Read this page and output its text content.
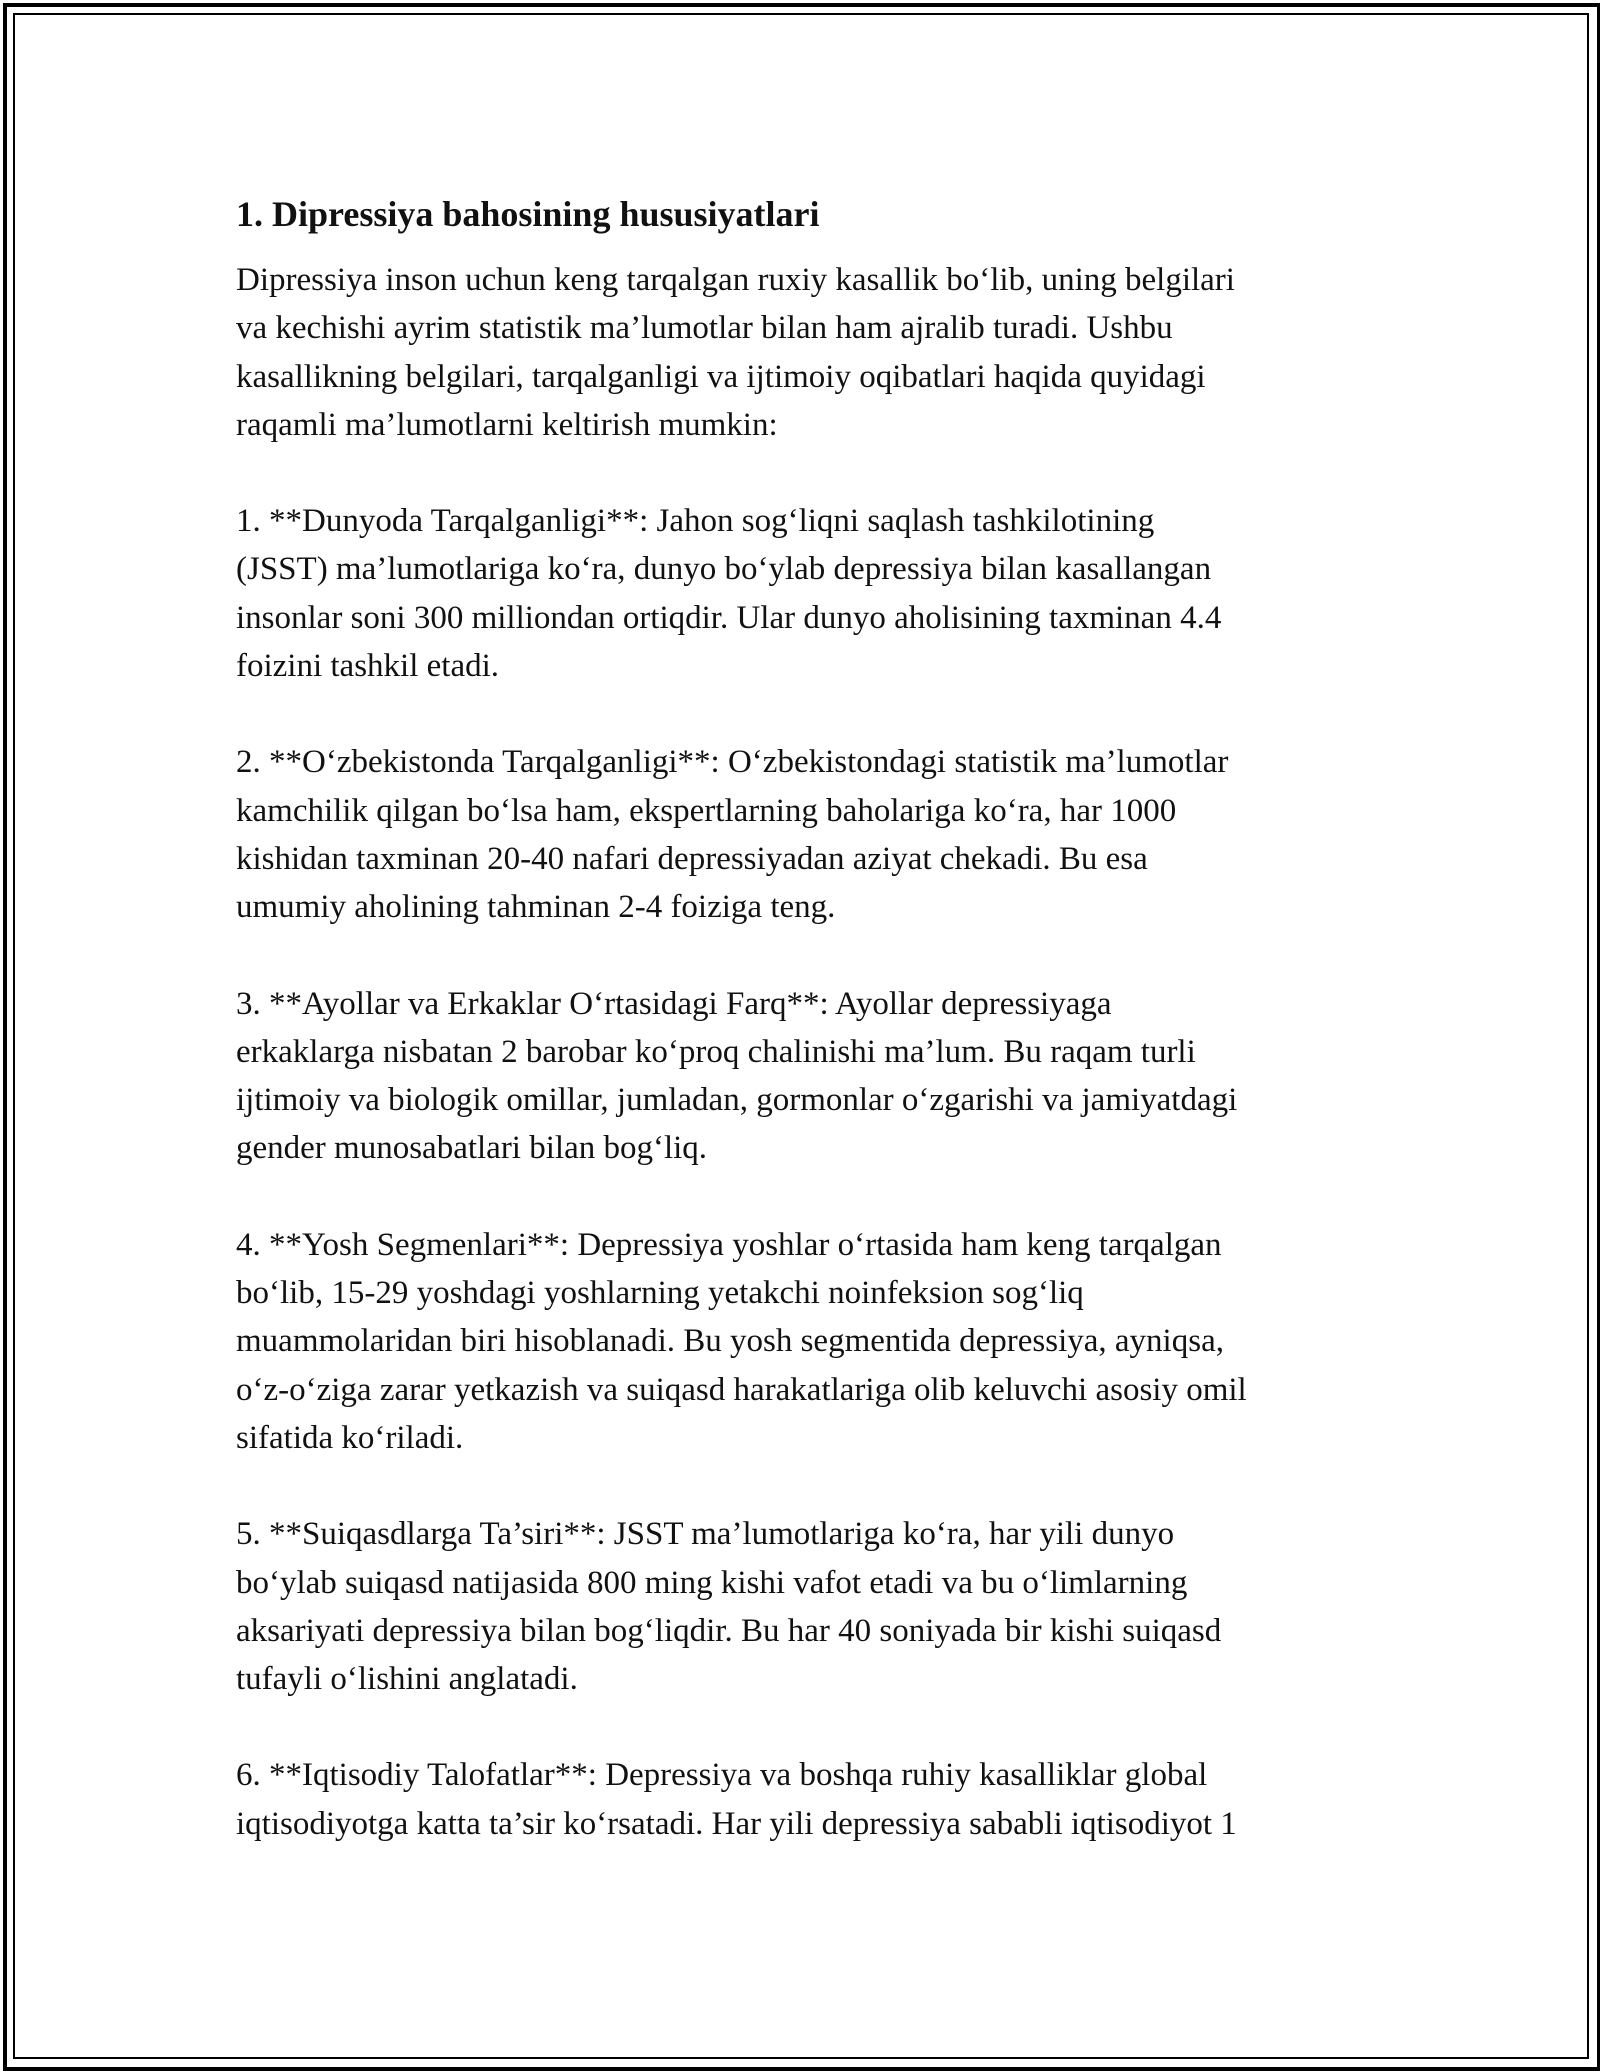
1. Dipressiya bahosining hususiyatlari

Dipressiya inson uchun keng tarqalgan ruxiy kasallik bo‘lib, uning belgilari
va kechishi ayrim statistik ma’lumotlar bilan ham ajralib turadi. Ushbu
kasallikning belgilari, tarqalganligi va ijtimoiy oqibatlari haqida quyidagi
raqamli ma’lumotlarni keltirish mumkin:

1. **Dunyoda Tarqalganligi**: Jahon sog‘liqni saqlash tashkilotining
(JSST) ma’lumotlariga ko‘ra, dunyo bo‘ylab depressiya bilan kasallangan
insonlar soni 300 milliondan ortiqdir. Ular dunyo aholisining taxminan 4.4
foizini tashkil etadi.

2. **O‘zbekistonda Tarqalganligi**: O‘zbekistondagi statistik ma’lumotlar
kamchilik qilgan bo‘lsa ham, ekspertlarning baholariga ko‘ra, har 1000
kishidan taxminan 20-40 nafari depressiyadan aziyat chekadi. Bu esa
umumiy aholining tahminan 2-4 foiziga teng.

3. **Ayollar va Erkaklar O‘rtasidagi Farq**: Ayollar depressiyaga
erkaklarga nisbatan 2 barobar ko‘proq chalinishi ma’lum. Bu raqam turli
ijtimoiy va biologik omillar, jumladan, gormonlar o‘zgarishi va jamiyatdagi
gender munosabatlari bilan bog‘liq.

4. **Yosh Segmenlari**: Depressiya yoshlar o‘rtasida ham keng tarqalgan
bo‘lib, 15-29 yoshdagi yoshlarning yetakchi noinfeksion sog‘liq
muammolaridan biri hisoblanadi. Bu yosh segmentida depressiya, ayniqsa,
o‘z-o‘ziga zarar yetkazish va suiqasd harakatlariga olib keluvchi asosiy omil
sifatida ko‘riladi.

5. **Suiqasdlarga Ta’siri**: JSST ma’lumotlariga ko‘ra, har yili dunyo
bo‘ylab suiqasd natijasida 800 ming kishi vafot etadi va bu o‘limlarning
aksariyati depressiya bilan bog‘liqdir. Bu har 40 soniyada bir kishi suiqasd
tufayli o‘lishini anglatadi.

6. **Iqtisodiy Talofatlar**: Depressiya va boshqa ruhiy kasalliklar global
iqtisodiyotga katta ta’sir ko‘rsatadi. Har yili depressiya sababli iqtisodiyot 1
